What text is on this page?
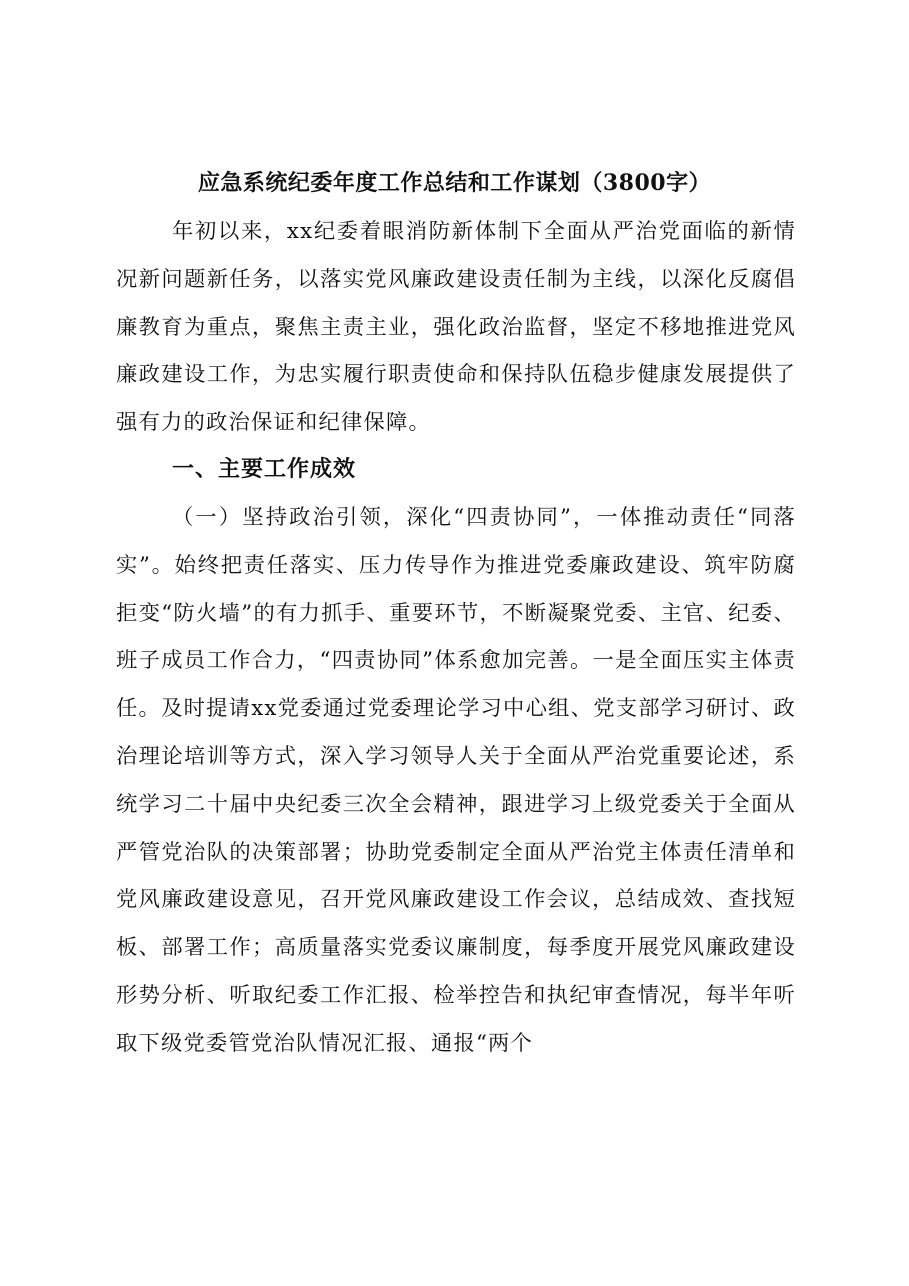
应急系统纪委年度工作总结和工作谋划（3800字）

年初以来，xx纪委着眼消防新体制下全面从严治党面临的新情况新问题新任务，以落实党风廉政建设责任制为主线，以深化反腐倡廉教育为重点，聚焦主责主业，强化政治监督，坚定不移地推进党风廉政建设工作，为忠实履行职责使命和保持队伍稳步健康发展提供了强有力的政治保证和纪律保障。

一、主要工作成效

（一）坚持政治引领，深化“四责协同”，一体推动责任“同落实”。始终把责任落实、压力传导作为推进党委廉政建设、筑牢防腐拒变“防火墙”的有力抓手、重要环节，不断凝聚党委、主官、纪委、班子成员工作合力，“四责协同”体系愈加完善。一是全面压实主体责任。及时提请xx党委通过党委理论学习中心组、党支部学习研讨、政治理论培训等方式，深入学习领导人关于全面从严治党重要论述，系统学习二十届中央纪委三次全会精神，跟进学习上级党委关于全面从严管党治队的决策部署；协助党委制定全面从严治党主体责任清单和党风廉政建设意见，召开党风廉政建设工作会议，总结成效、查找短板、部署工作；高质量落实党委议廉制度，每季度开展党风廉政建设形势分析、听取纪委工作汇报、检举控告和执纪审查情况，每半年听取下级党委管党治队情况汇报、通报“两个
